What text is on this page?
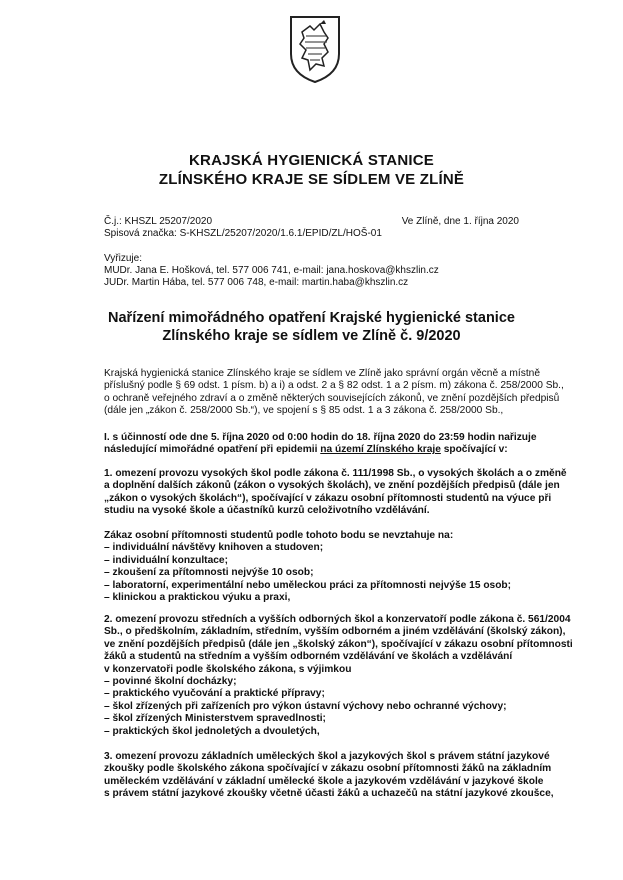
KRAJSKÁ HYGIENICKÁ STANICE
ZLÍNSKÉHO KRAJE SE SÍDLEM VE ZLÍNĚ
Č.j.: KHSZL 25207/2020	Ve Zlíně, dne 1. října 2020
Spisová značka: S-KHSZL/25207/2020/1.6.1/EPID/ZL/HOŠ-01
Vyřizuje:
MUDr. Jana E. Hošková, tel. 577 006 741, e-mail: jana.hoskova@khszlin.cz
JUDr. Martin Hába, tel. 577 006 748, e-mail: martin.haba@khszlin.cz
Nařízení mimořádného opatření Krajské hygienické stanice
Zlínského kraje se sídlem ve Zlíně č. 9/2020
Krajská hygienická stanice Zlínského kraje se sídlem ve Zlíně jako správní orgán věcně a místně
příslušný podle § 69 odst. 1 písm. b) a i) a odst. 2 a § 82 odst. 1 a 2 písm. m) zákona č. 258/2000 Sb.,
o ochraně veřejného zdraví a o změně některých souvisejících zákonů, ve znění pozdějších předpisů
(dále jen „zákon č. 258/2000 Sb.“), ve spojení s § 85 odst. 1 a 3 zákona č. 258/2000 Sb.,
I. s účinností ode dne 5. října 2020 od 0:00 hodin do 18. října 2020 do 23:59 hodin nařizuje
následující mimořádné opatření při epidemii na území Zlínského kraje spočívající v:
1. omezení provozu vysokých škol podle zákona č. 111/1998 Sb., o vysokých školách a o změně
a doplnění dalších zákonů (zákon o vysokých školách), ve znění pozdějších předpisů (dále jen
„zákon o vysokých školách“), spočívající v zákazu osobní přítomnosti studentů na výuce při
studiu na vysoké škole a účastníků kurzů celoživotního vzdělávání.
Zákaz osobní přítomnosti studentů podle tohoto bodu se nevztahuje na:
– individuální návštěvy knihoven a studoven;
– individuální konzultace;
– zkoušení za přítomnosti nejvýše 10 osob;
– laboratorní, experimentální nebo uměleckou práci za přítomnosti nejvýše 15 osob;
– klinickou a praktickou výuku a praxi,
2. omezení provozu středních a vyšších odborných škol a konzervatoří podle zákona č. 561/2004
Sb., o předškolním, základním, středním, vyšším odborném a jiném vzdělávání (školský zákon),
ve znění pozdějších předpisů (dále jen „školský zákon“), spočívající v zákazu osobní přítomnosti
žáků a studentů na středním a vyšším odborném vzdělávání ve školách a vzdělávání
v konzervatoři podle školského zákona, s výjimkou
– povinné školní docházky;
– praktického vyučování a praktické přípravy;
– škol zřízených při zařízeních pro výkon ústavní výchovy nebo ochranné výchovy;
– škol zřízených Ministerstvem spravedlnosti;
– praktických škol jednoletých a dvouletých,
3. omezení provozu základních uměleckých škol a jazykových škol s právem státní jazykové
zkoušky podle školského zákona spočívající v zákazu osobní přítomnosti žáků na základním
uměleckém vzdělávání v základní umělecké škole a jazykovém vzdělávání v jazykové škole
s právem státní jazykové zkoušky včetně účasti žáků a uchazečů na státní jazykové zkoušce,
